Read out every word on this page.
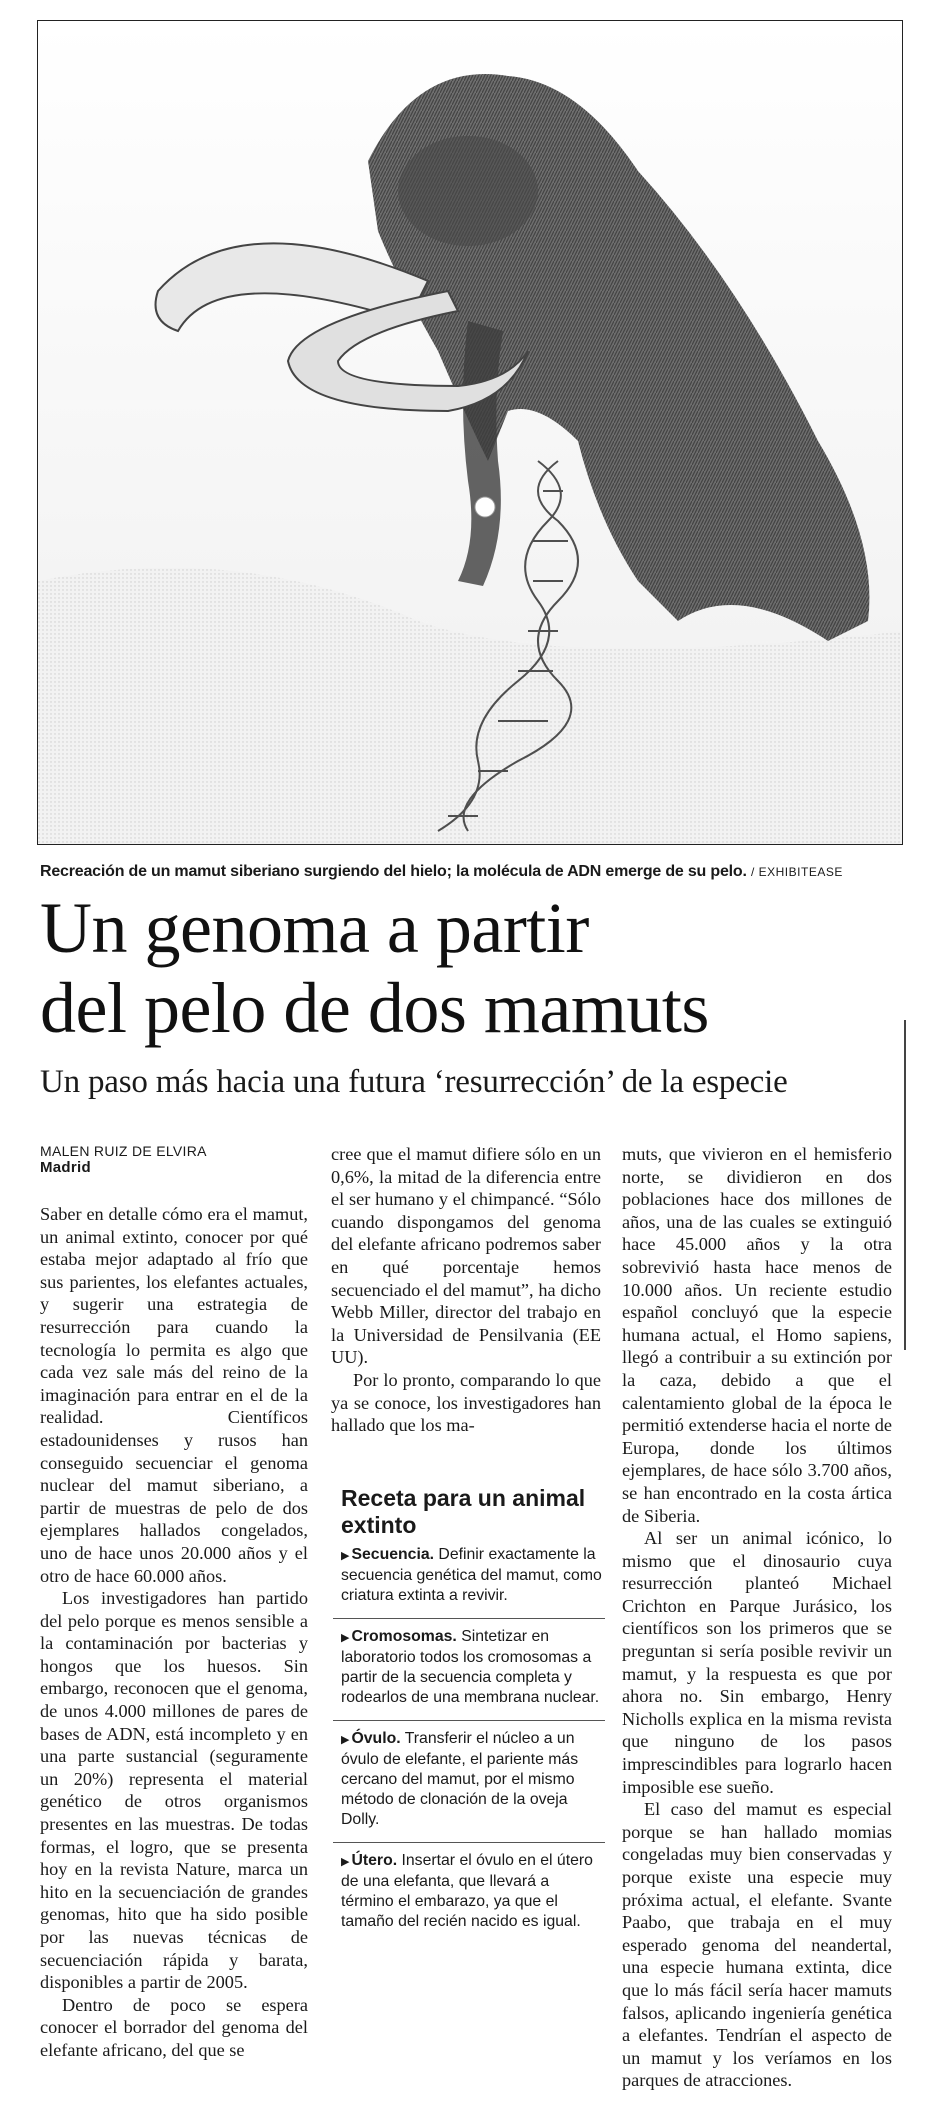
Recreación de un mamut siberiano surgiendo del hielo; la molécula de ADN emerge de su pelo. / EXHIBITEASE
Un genoma a partir
del pelo de dos mamuts
Un paso más hacia una futura ‘resurrección’ de la especie
MALEN RUIZ DE ELVIRA
Madrid

Saber en detalle cómo era el mamut, un animal extinto, conocer por qué estaba mejor adaptado al frío que sus parientes, los elefantes actuales, y sugerir una estrategia de resurrección para cuando la tecnología lo permita es algo que cada vez sale más del reino de la imaginación para entrar en el de la realidad. Científicos estadounidenses y rusos han conseguido secuenciar el genoma nuclear del mamut siberiano, a partir de muestras de pelo de dos ejemplares hallados congelados, uno de hace unos 20.000 años y el otro de hace 60.000 años.

Los investigadores han partido del pelo porque es menos sensible a la contaminación por bacterias y hongos que los huesos. Sin embargo, reconocen que el genoma, de unos 4.000 millones de pares de bases de ADN, está incompleto y en una parte sustancial (seguramente un 20%) representa el material genético de otros organismos presentes en las muestras. De todas formas, el logro, que se presenta hoy en la revista Nature, marca un hito en la secuenciación de grandes genomas, hito que ha sido posible por las nuevas técnicas de secuenciación rápida y barata, disponibles a partir de 2005.

Dentro de poco se espera conocer el borrador del genoma del elefante africano, del que se

cree que el mamut difiere sólo en un 0,6%, la mitad de la diferencia entre el ser humano y el chimpancé. “Sólo cuando dispongamos del genoma del elefante africano podremos saber en qué porcentaje hemos secuenciado el del mamut”, ha dicho Webb Miller, director del trabajo en la Universidad de Pensilvania (EE UU).

Por lo pronto, comparando lo que ya se conoce, los investigadores han hallado que los ma-

Receta para un animal extinto
▶ Secuencia. Definir exactamente la secuencia genética del mamut, como criatura extinta a revivir.
▶ Cromosomas. Sintetizar en laboratorio todos los cromosomas a partir de la secuencia completa y rodearlos de una membrana nuclear.
▶ Óvulo. Transferir el núcleo a un óvulo de elefante, el pariente más cercano del mamut, por el mismo método de clonación de la oveja Dolly.
▶ Útero. Insertar el óvulo en el útero de una elefanta, que llevará a término el embarazo, ya que el tamaño del recién nacido es igual.

muts, que vivieron en el hemisferio norte, se dividieron en dos poblaciones hace dos millones de años, una de las cuales se extinguió hace 45.000 años y la otra sobrevivió hasta hace menos de 10.000 años. Un reciente estudio español concluyó que la especie humana actual, el Homo sapiens, llegó a contribuir a su extinción por la caza, debido a que el calentamiento global de la época le permitió extenderse hacia el norte de Europa, donde los últimos ejemplares, de hace sólo 3.700 años, se han encontrado en la costa ártica de Siberia.

Al ser un animal icónico, lo mismo que el dinosaurio cuya resurrección planteó Michael Crichton en Parque Jurásico, los científicos son los primeros que se preguntan si sería posible revivir un mamut, y la respuesta es que por ahora no. Sin embargo, Henry Nicholls explica en la misma revista que ninguno de los pasos imprescindibles para lograrlo hacen imposible ese sueño.

El caso del mamut es especial porque se han hallado momias congeladas muy bien conservadas y porque existe una especie muy próxima actual, el elefante. Svante Paabo, que trabaja en el muy esperado genoma del neandertal, una especie humana extinta, dice que lo más fácil sería hacer mamuts falsos, aplicando ingeniería genética a elefantes. Tendrían el aspecto de un mamut y los veríamos en los parques de atracciones.
